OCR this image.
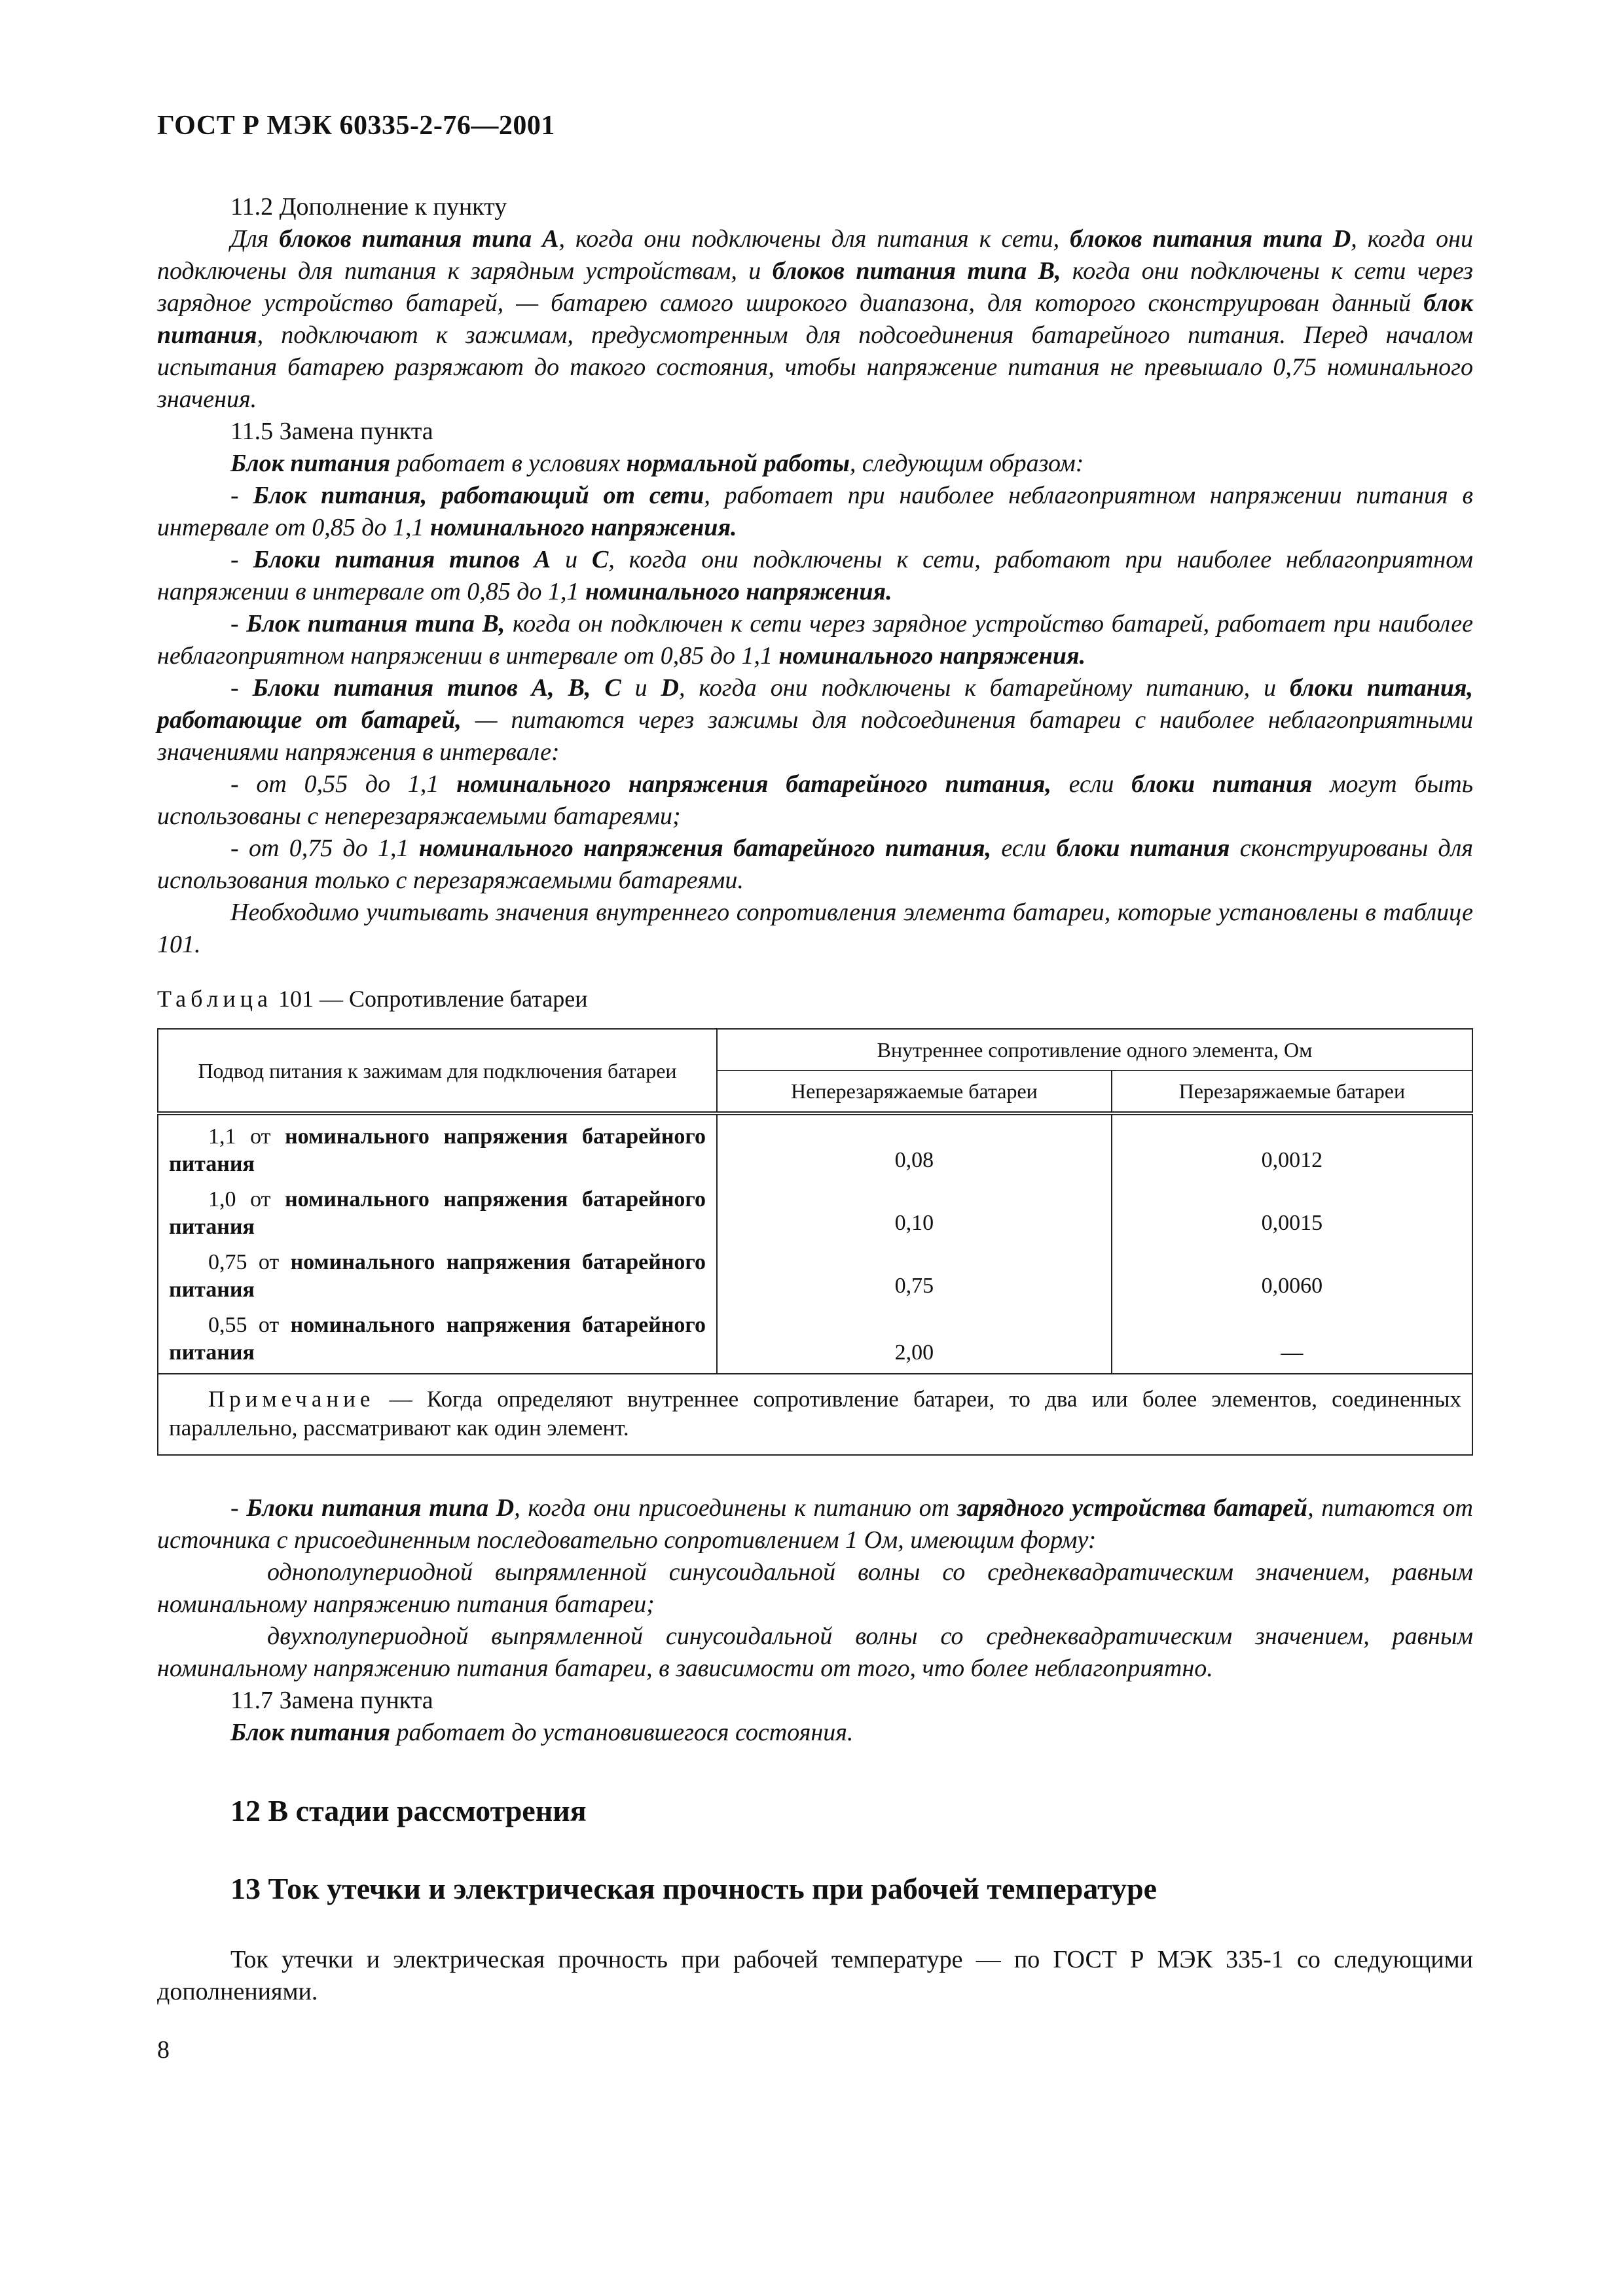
ГОСТ Р МЭК 60335-2-76—2001

11.2 Дополнение к пункту

Для блоков питания типа А, когда они подключены для питания к сети, блоков питания типа D, когда они подключены для питания к зарядным устройствам, и блоков питания типа В, когда они подключены к сети через зарядное устройство батарей, — батарею самого широкого диапазона, для которого сконструирован данный блок питания, подключают к зажимам, предусмотренным для подсоединения батарейного питания. Перед началом испытания батарею разряжают до такого состояния, чтобы напряжение питания не превышало 0,75 номинального значения.

11.5 Замена пункта

Блок питания работает в условиях нормальной работы, следующим образом:

- Блок питания, работающий от сети, работает при наиболее неблагоприятном напряжении питания в интервале от 0,85 до 1,1 номинального напряжения.

- Блоки питания типов А и С, когда они подключены к сети, работают при наиболее неблагоприятном напряжении в интервале от 0,85 до 1,1 номинального напряжения.

- Блок питания типа В, когда он подключен к сети через зарядное устройство батарей, работает при наиболее неблагоприятном напряжении в интервале от 0,85 до 1,1 номинального напряжения.

- Блоки питания типов А, В, С и D, когда они подключены к батарейному питанию, и блоки питания, работающие от батарей, — питаются через зажимы для подсоединения батареи с наиболее неблагоприятными значениями напряжения в интервале:

- от 0,55 до 1,1 номинального напряжения батарейного питания, если блоки питания могут быть использованы с неперезаряжаемыми батареями;

- от 0,75 до 1,1 номинального напряжения батарейного питания, если блоки питания сконструированы для использования только с перезаряжаемыми батареями.

Необходимо учитывать значения внутреннего сопротивления элемента батареи, которые установлены в таблице 101.

Таблица 101 — Сопротивление батареи
Подвод питания к зажимам для подключения батареи	Внутреннее сопротивление одного элемента, Ом	
	Неперезаряжаемые батареи	Перезаряжаемые батареи
1,1 от номинального напряжения батарейного питания	0,08	0,0012
1,0 от номинального напряжения батарейного питания	0,10	0,0015
0,75 от номинального напряжения батарейного питания	0,75	0,0060
0,55 от номинального напряжения батарейного питания	2,00	—
Примечание — Когда определяют внутреннее сопротивление батареи, то два или более элементов, соединенных параллельно, рассматривают как один элемент.		

- Блоки питания типа D, когда они присоединены к питанию от зарядного устройства батарей, питаются от источника с присоединенным последовательно сопротивлением 1 Ом, имеющим форму:

однополупериодной выпрямленной синусоидальной волны со среднеквадратическим значением, равным номинальному напряжению питания батареи;

двухполупериодной выпрямленной синусоидальной волны со среднеквадратическим значением, равным номинальному напряжению питания батареи, в зависимости от того, что более неблагоприятно.

11.7 Замена пункта

Блок питания работает до установившегося состояния.

12 В стадии рассмотрения
13 Ток утечки и электрическая прочность при рабочей температуре

Ток утечки и электрическая прочность при рабочей температуре — по ГОСТ Р МЭК 335-1 со следующими дополнениями.

8
